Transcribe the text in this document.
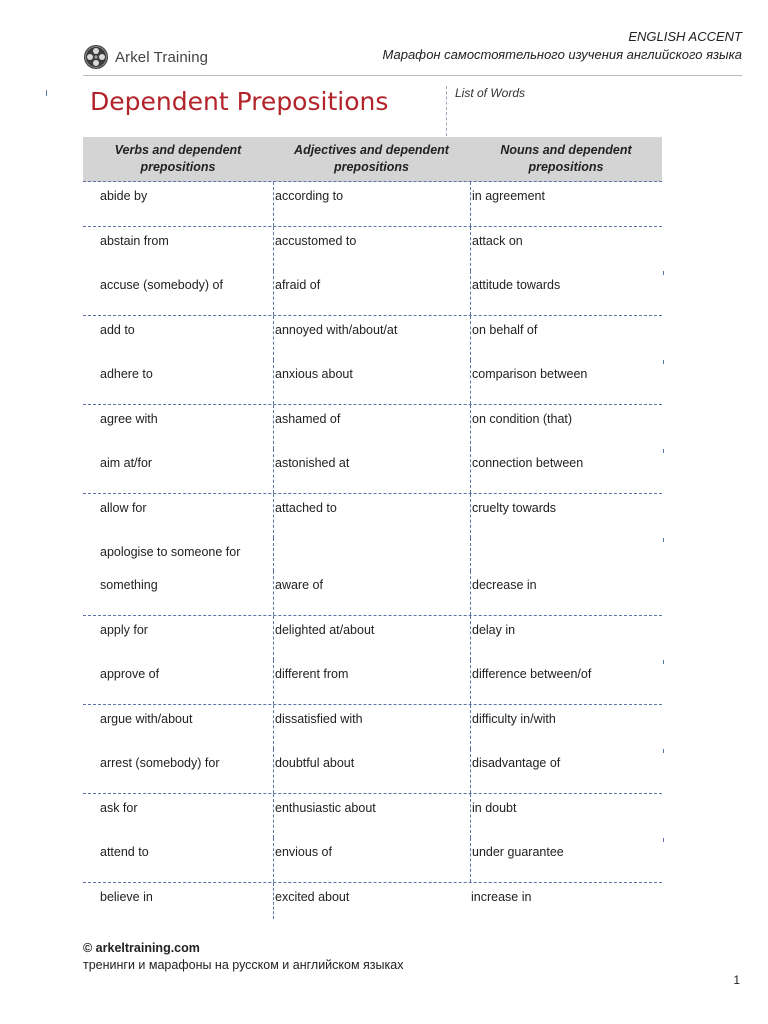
ENGLISH ACCENT
Марафон самостоятельного изучения английского языка
Arkel Training
Dependent Prepositions	List of Words
Verbs and dependent prepositions
Adjectives and dependent prepositions
Nouns and dependent prepositions
abide by	according to	in agreement
abstain from	accustomed to	attack on
accuse (somebody) of	afraid of	attitude towards
add to	annoyed with/about/at	on behalf of
adhere to	anxious about	comparison between
agree with	ashamed of	on condition (that)
aim at/for	astonished at	connection between
allow for	attached to	cruelty towards
apologise to someone for
something	aware of	decrease in
apply for	delighted at/about	delay in
approve of	different from	difference between/of
argue with/about	dissatisfied with	difficulty in/with
arrest (somebody) for	doubtful about	disadvantage of
ask for	enthusiastic about	in doubt
attend to	envious of	under guarantee
believe in	excited about	increase in
© arkeltraining.com
тренинги и марафоны на русском и английском языках
1
